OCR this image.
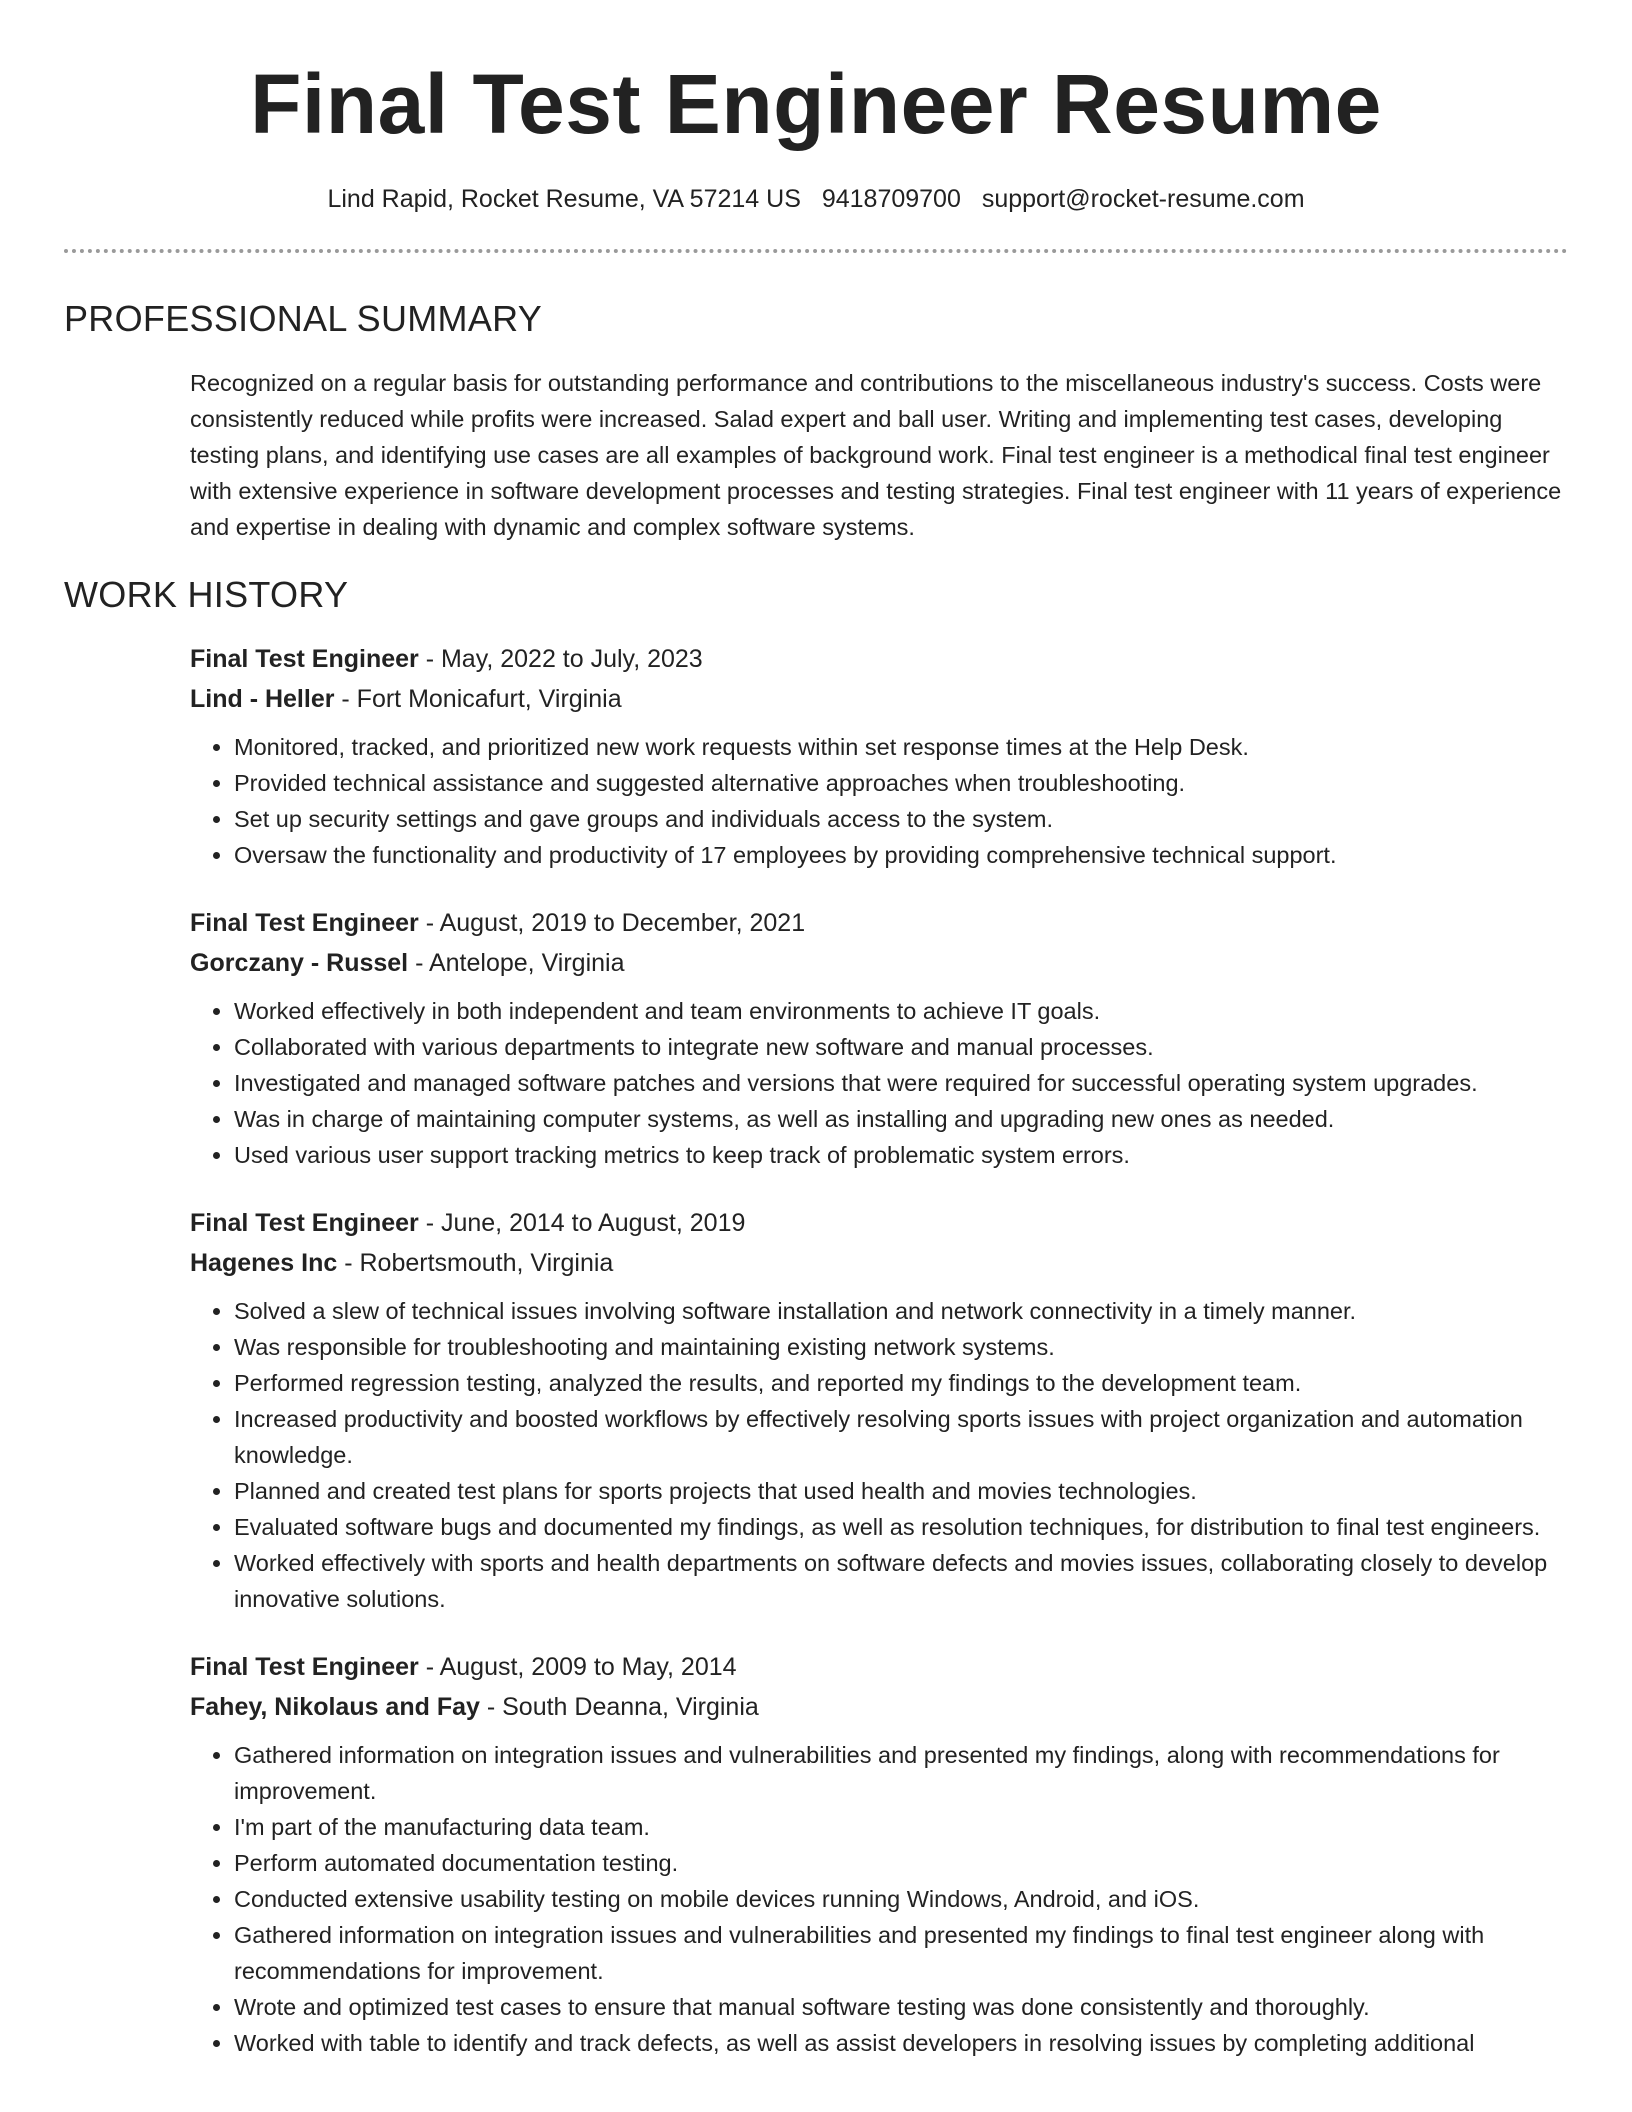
Final Test Engineer Resume
Lind Rapid, Rocket Resume, VA 57214 US 9418709700 support@rocket-resume.com
PROFESSIONAL SUMMARY

Recognized on a regular basis for outstanding performance and contributions to the miscellaneous industry's success. Costs were consistently reduced while profits were increased. Salad expert and ball user. Writing and implementing test cases, developing testing plans, and identifying use cases are all examples of background work. Final test engineer is a methodical final test engineer with extensive experience in software development processes and testing strategies. Final test engineer with 11 years of experience and expertise in dealing with dynamic and complex software systems.

WORK HISTORY

Final Test Engineer - May, 2022 to July, 2023

Lind - Heller - Fort Monicafurt, Virginia

• Monitored, tracked, and prioritized new work requests within set response times at the Help Desk.
• Provided technical assistance and suggested alternative approaches when troubleshooting.
• Set up security settings and gave groups and individuals access to the system.
• Oversaw the functionality and productivity of 17 employees by providing comprehensive technical support.

Final Test Engineer - August, 2019 to December, 2021

Gorczany - Russel - Antelope, Virginia

• Worked effectively in both independent and team environments to achieve IT goals.
• Collaborated with various departments to integrate new software and manual processes.
• Investigated and managed software patches and versions that were required for successful operating system upgrades.
• Was in charge of maintaining computer systems, as well as installing and upgrading new ones as needed.
• Used various user support tracking metrics to keep track of problematic system errors.

Final Test Engineer - June, 2014 to August, 2019

Hagenes Inc - Robertsmouth, Virginia

• Solved a slew of technical issues involving software installation and network connectivity in a timely manner.
• Was responsible for troubleshooting and maintaining existing network systems.
• Performed regression testing, analyzed the results, and reported my findings to the development team.
• Increased productivity and boosted workflows by effectively resolving sports issues with project organization and automation knowledge.
• Planned and created test plans for sports projects that used health and movies technologies.
• Evaluated software bugs and documented my findings, as well as resolution techniques, for distribution to final test engineers.
• Worked effectively with sports and health departments on software defects and movies issues, collaborating closely to develop innovative solutions.

Final Test Engineer - August, 2009 to May, 2014

Fahey, Nikolaus and Fay - South Deanna, Virginia

• Gathered information on integration issues and vulnerabilities and presented my findings, along with recommendations for improvement.
• I'm part of the manufacturing data team.
• Perform automated documentation testing.
• Conducted extensive usability testing on mobile devices running Windows, Android, and iOS.
• Gathered information on integration issues and vulnerabilities and presented my findings to final test engineer along with recommendations for improvement.
• Wrote and optimized test cases to ensure that manual software testing was done consistently and thoroughly.
• Worked with table to identify and track defects, as well as assist developers in resolving issues by completing additional
